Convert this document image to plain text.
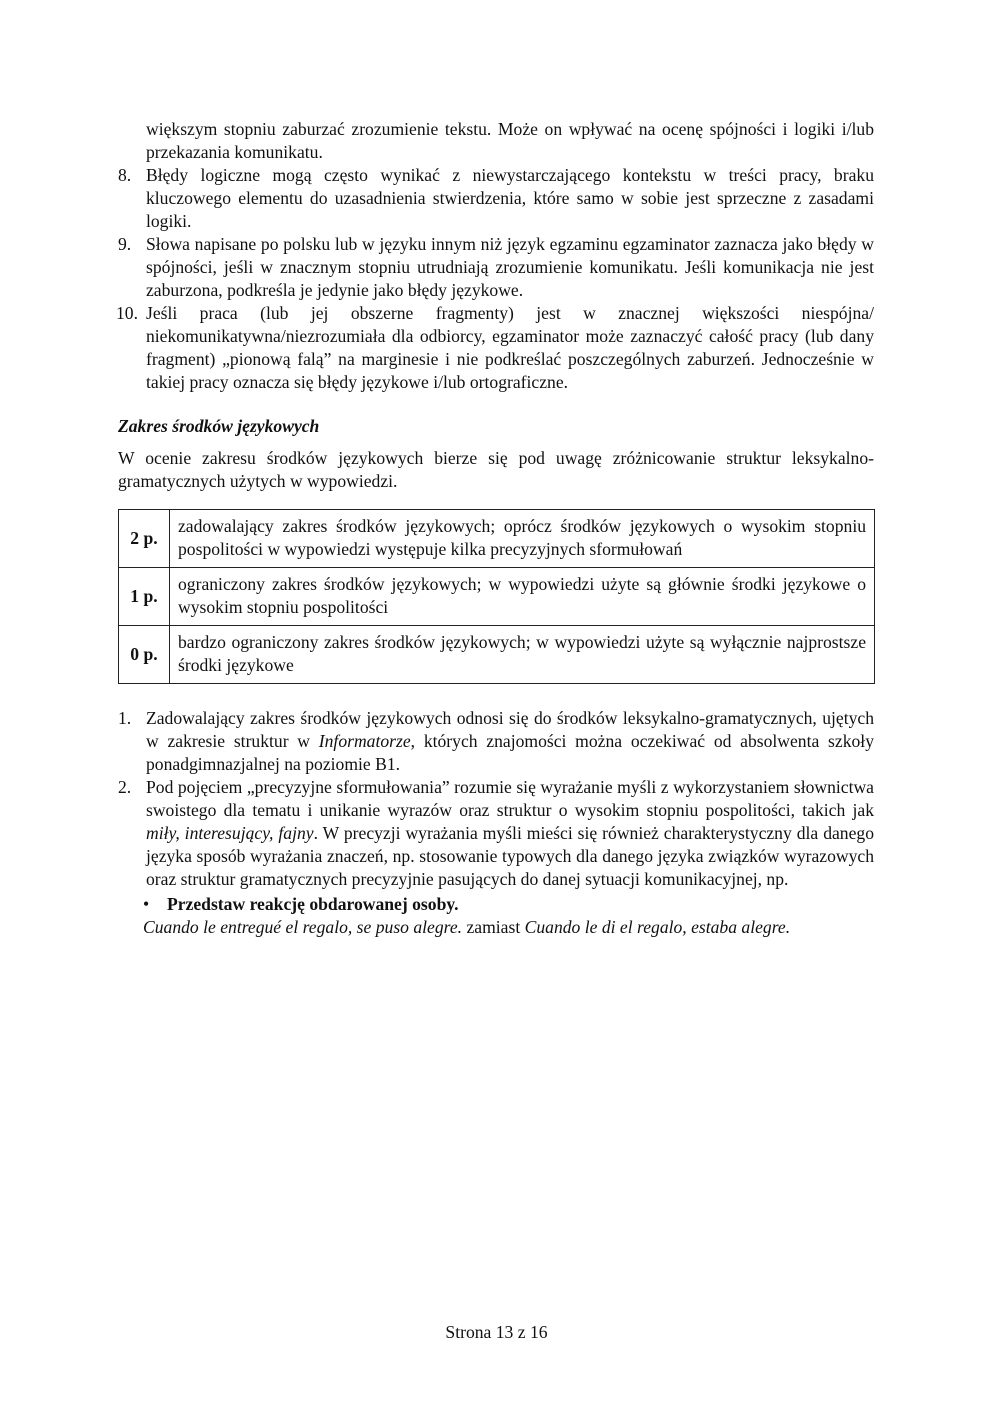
większym stopniu zaburzać zrozumienie tekstu. Może on wpływać na ocenę spójności i logiki i/lub przekazania komunikatu.
8. Błędy logiczne mogą często wynikać z niewystarczającego kontekstu w treści pracy, braku kluczowego elementu do uzasadnienia stwierdzenia, które samo w sobie jest sprzeczne z zasadami logiki.
9. Słowa napisane po polsku lub w języku innym niż język egzaminu egzaminator zaznacza jako błędy w spójności, jeśli w znacznym stopniu utrudniają zrozumienie komunikatu. Jeśli komunikacja nie jest zaburzona, podkreśla je jedynie jako błędy językowe.
10. Jeśli praca (lub jej obszerne fragmenty) jest w znacznej większości niespójna/ niekomunikatywna/niezrozumiała dla odbiorcy, egzaminator może zaznaczyć całość pracy (lub dany fragment) „pionową falą” na marginesie i nie podkreślać poszczególnych zaburzeń. Jednocześnie w takiej pracy oznacza się błędy językowe i/lub ortograficzne.
Zakres środków językowych

W ocenie zakresu środków językowych bierze się pod uwagę zróżnicowanie struktur leksykalno-gramatycznych użytych w wypowiedzi.

2 p.	zadowalający zakres środków językowych; oprócz środków językowych o wysokim stopniu pospolitości w wypowiedzi występuje kilka precyzyjnych sformułowań
1 p.	ograniczony zakres środków językowych; w wypowiedzi użyte są głównie środki językowe o wysokim stopniu pospolitości
0 p.	bardzo ograniczony zakres środków językowych; w wypowiedzi użyte są wyłącznie najprostsze środki językowe
1. Zadowalający zakres środków językowych odnosi się do środków leksykalno-gramatycznych, ujętych w zakresie struktur w Informatorze, których znajomości można oczekiwać od absolwenta szkoły ponadgimnazjalnej na poziomie B1.
2. Pod pojęciem „precyzyjne sformułowania” rozumie się wyrażanie myśli z wykorzystaniem słownictwa swoistego dla tematu i unikanie wyrazów oraz struktur o wysokim stopniu pospolitości, takich jak miły, interesujący, fajny. W precyzji wyrażania myśli mieści się również charakterystyczny dla danego języka sposób wyrażania znaczeń, np. stosowanie typowych dla danego języka związków wyrazowych oraz struktur gramatycznych precyzyjnie pasujących do danej sytuacji komunikacyjnej, np.
• Przedstaw reakcję obdarowanej osoby.
Cuando le entregué el regalo, se puso alegre. zamiast Cuando le di el regalo, estaba alegre.
Strona 13 z 16
